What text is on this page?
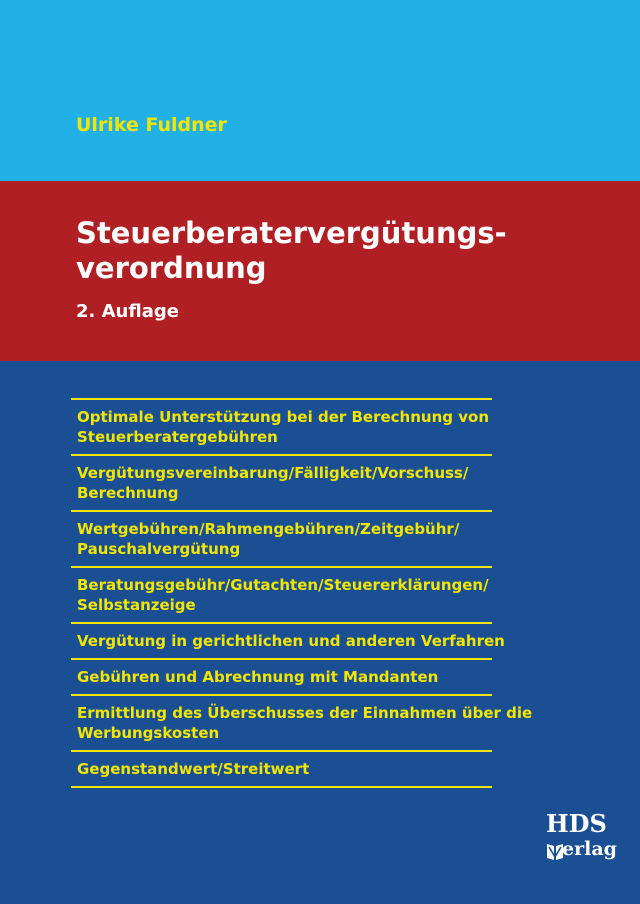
Ulrike Fuldner
Steuerberatervergütungs-
verordnung
2. Auflage
Optimale Unterstützung bei der Berechnung von
Steuerberatergebühren
Vergütungsvereinbarung/Fälligkeit/Vorschuss/
Berechnung
Wertgebühren/Rahmengebühren/Zeitgebühr/
Pauschalvergütung
Beratungsgebühr/Gutachten/Steuererklärungen/
Selbstanzeige
Vergütung in gerichtlichen und anderen Verfahren
Gebühren und Abrechnung mit Mandanten
Ermittlung des Überschusses der Einnahmen über die
Werbungskosten
Gegenstandwert/Streitwert
HDS
erlag
